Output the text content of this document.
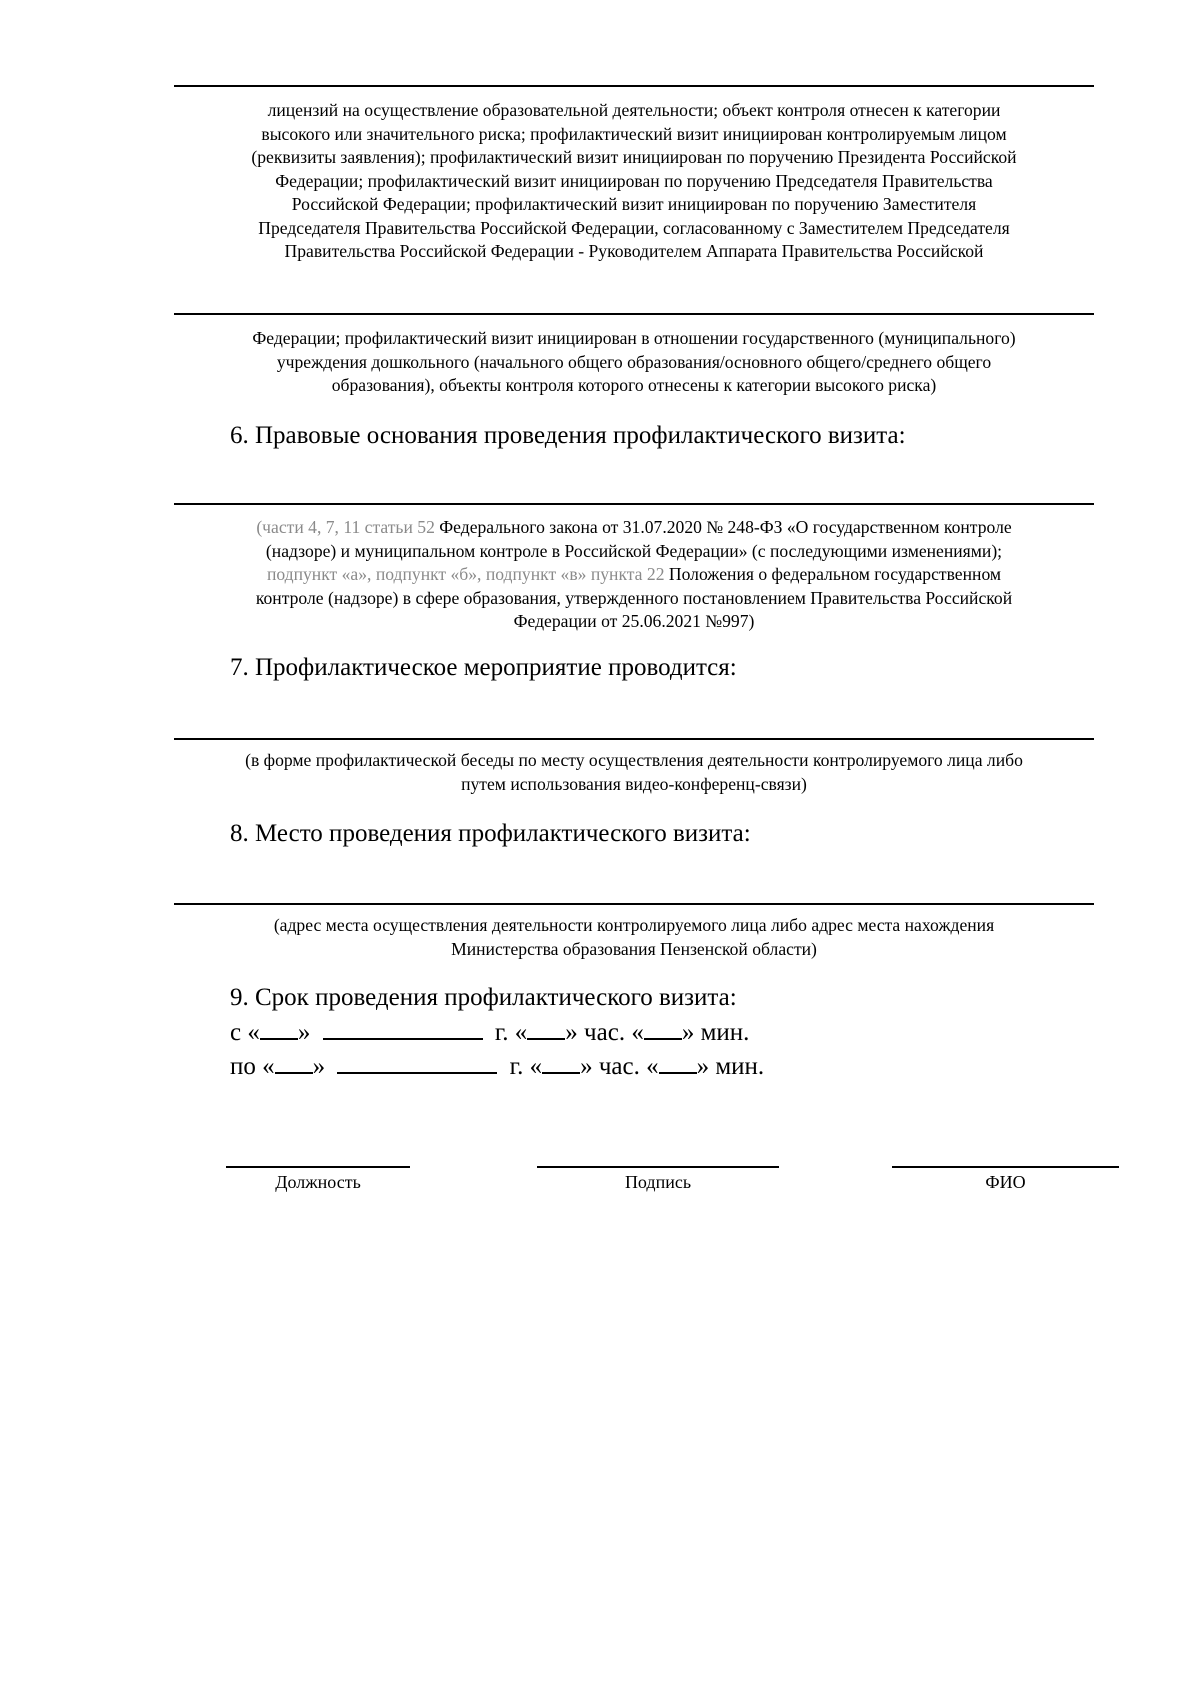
лицензий на осуществление образовательной деятельности; объект контроля отнесен к категории
высокого или значительного риска; профилактический визит инициирован контролируемым лицом
(реквизиты заявления); профилактический визит инициирован по поручению Президента Российской
Федерации; профилактический визит инициирован по поручению Председателя Правительства
Российской Федерации; профилактический визит инициирован по поручению Заместителя
Председателя Правительства Российской Федерации, согласованному с Заместителем Председателя
Правительства Российской Федерации - Руководителем Аппарата Правительства Российской

Федерации; профилактический визит инициирован в отношении государственного (муниципального)
учреждения дошкольного (начального общего образования/основного общего/среднего общего
образования), объекты контроля которого отнесены к категории высокого риска)

6. Правовые основания проведения профилактического визита:

(части 4, 7, 11 статьи 52 Федерального закона от 31.07.2020 № 248-ФЗ «О государственном контроле
(надзоре) и муниципальном контроле в Российской Федерации» (с последующими изменениями);
подпункт «а», подпункт «б», подпункт «в» пункта 22 Положения о федеральном государственном
контроле (надзоре) в сфере образования, утвержденного постановлением Правительства Российской
Федерации от 25.06.2021 №997)

7. Профилактическое мероприятие проводится:

(в форме профилактической беседы по месту осуществления деятельности контролируемого лица либо
путем использования видео-конференц-связи)

8. Место проведения профилактического визита:

(адрес места осуществления деятельности контролируемого лица либо адрес места нахождения
Министерства образования Пензенской области)

9. Срок проведения профилактического визита:
с « »	г. « » час. « » мин.
по « »	г. « » час. « » мин.
Должность	Подпись	ФИО
